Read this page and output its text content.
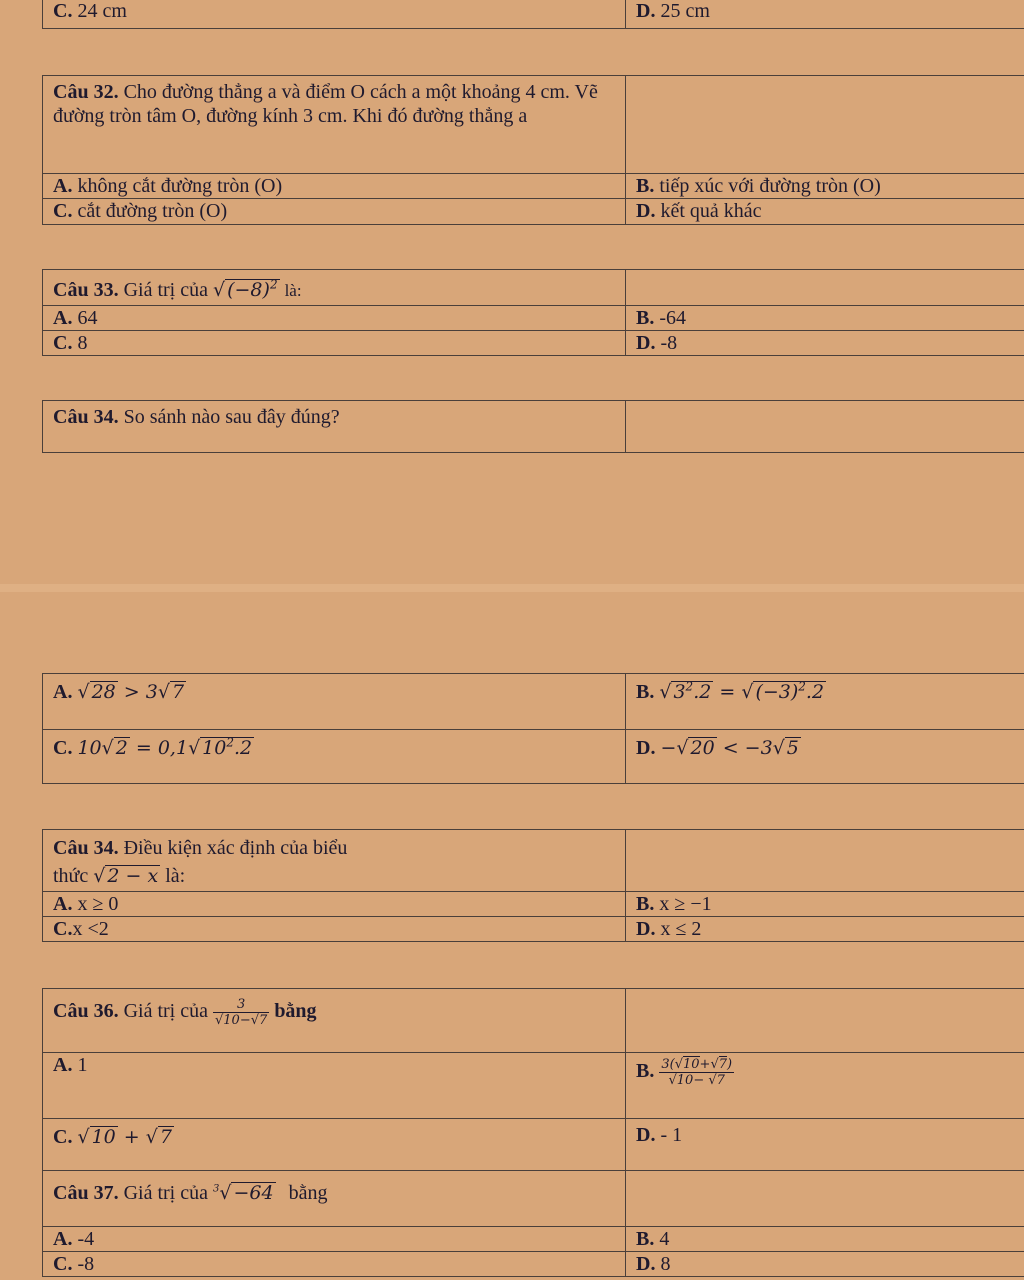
C. 24 cm	D. 25 cm
Câu 32. Cho đường thẳng a và điểm O cách a một khoảng 4 cm. Vẽ đường tròn tâm O, đường kính 3 cm. Khi đó đường thẳng a	
A. không cắt đường tròn (O)	B. tiếp xúc với đường tròn (O)
C. cắt đường tròn (O)	D. kết quả khác
Câu 33. Giá trị của √ $(-8)^2$ là:	
A. 64	B. -64
C. 8	D. -8
Câu 34. So sánh nào sau đây đúng?	
A. √ 28 > 3√ 7	B. √ $3^2.2$ = √ $(-3)^2.2$
C. 10√ 2 = 0,1√ $10^2.2$	D. −√ 20 < −3√ 5
Câu 34. Điều kiện xác định của biểu
thức √ 2 − x là:	
A. x ≥ 0	B. x ≥ −1
C.x <2	D. x ≤ 2
Câu 36. Giá trị của $\frac{3}{√10-√7}$ bằng	
A. 1	B. $\frac{3(√10+√7)}{√10- √7}$

C. √ 10 + √ 7	D. - 1
Câu 37. Giá trị của $^3$√ −64 bằng	
A. -4	B. 4
C. -8	D. 8
